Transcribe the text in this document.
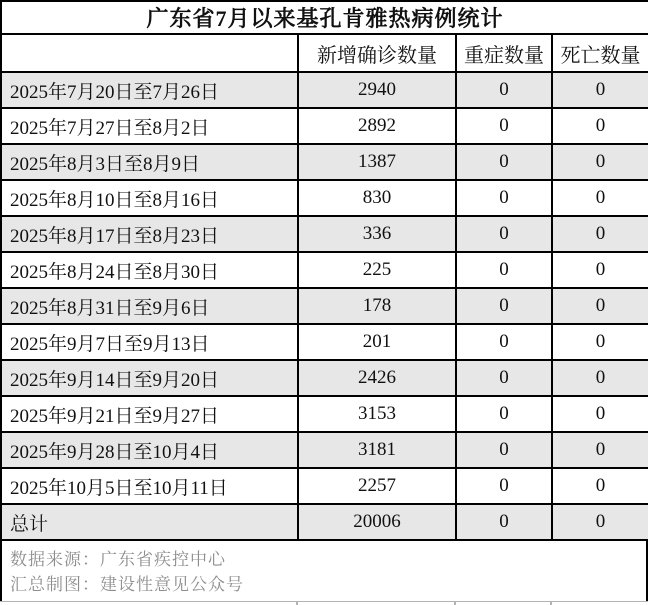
广东省7月以来基孔肯雅热病例统计			
	新增确诊数量	重症数量	死亡数量
2025年7月20日至7月26日	2940	0	0
2025年7月27日至8月2日	2892	0	0
2025年8月3日至8月9日	1387	0	0
2025年8月10日至8月16日	830	0	0
2025年8月17日至8月23日	336	0	0
2025年8月24日至8月30日	225	0	0
2025年8月31日至9月6日	178	0	0
2025年9月7日至9月13日	201	0	0
2025年9月14日至9月20日	2426	0	0
2025年9月21日至9月27日	3153	0	0
2025年9月28日至10月4日	3181	0	0
2025年10月5日至10月11日	2257	0	0
总计	20006	0	0
数据来源：广东省疾控中心
汇总制图：建设性意见公众号
